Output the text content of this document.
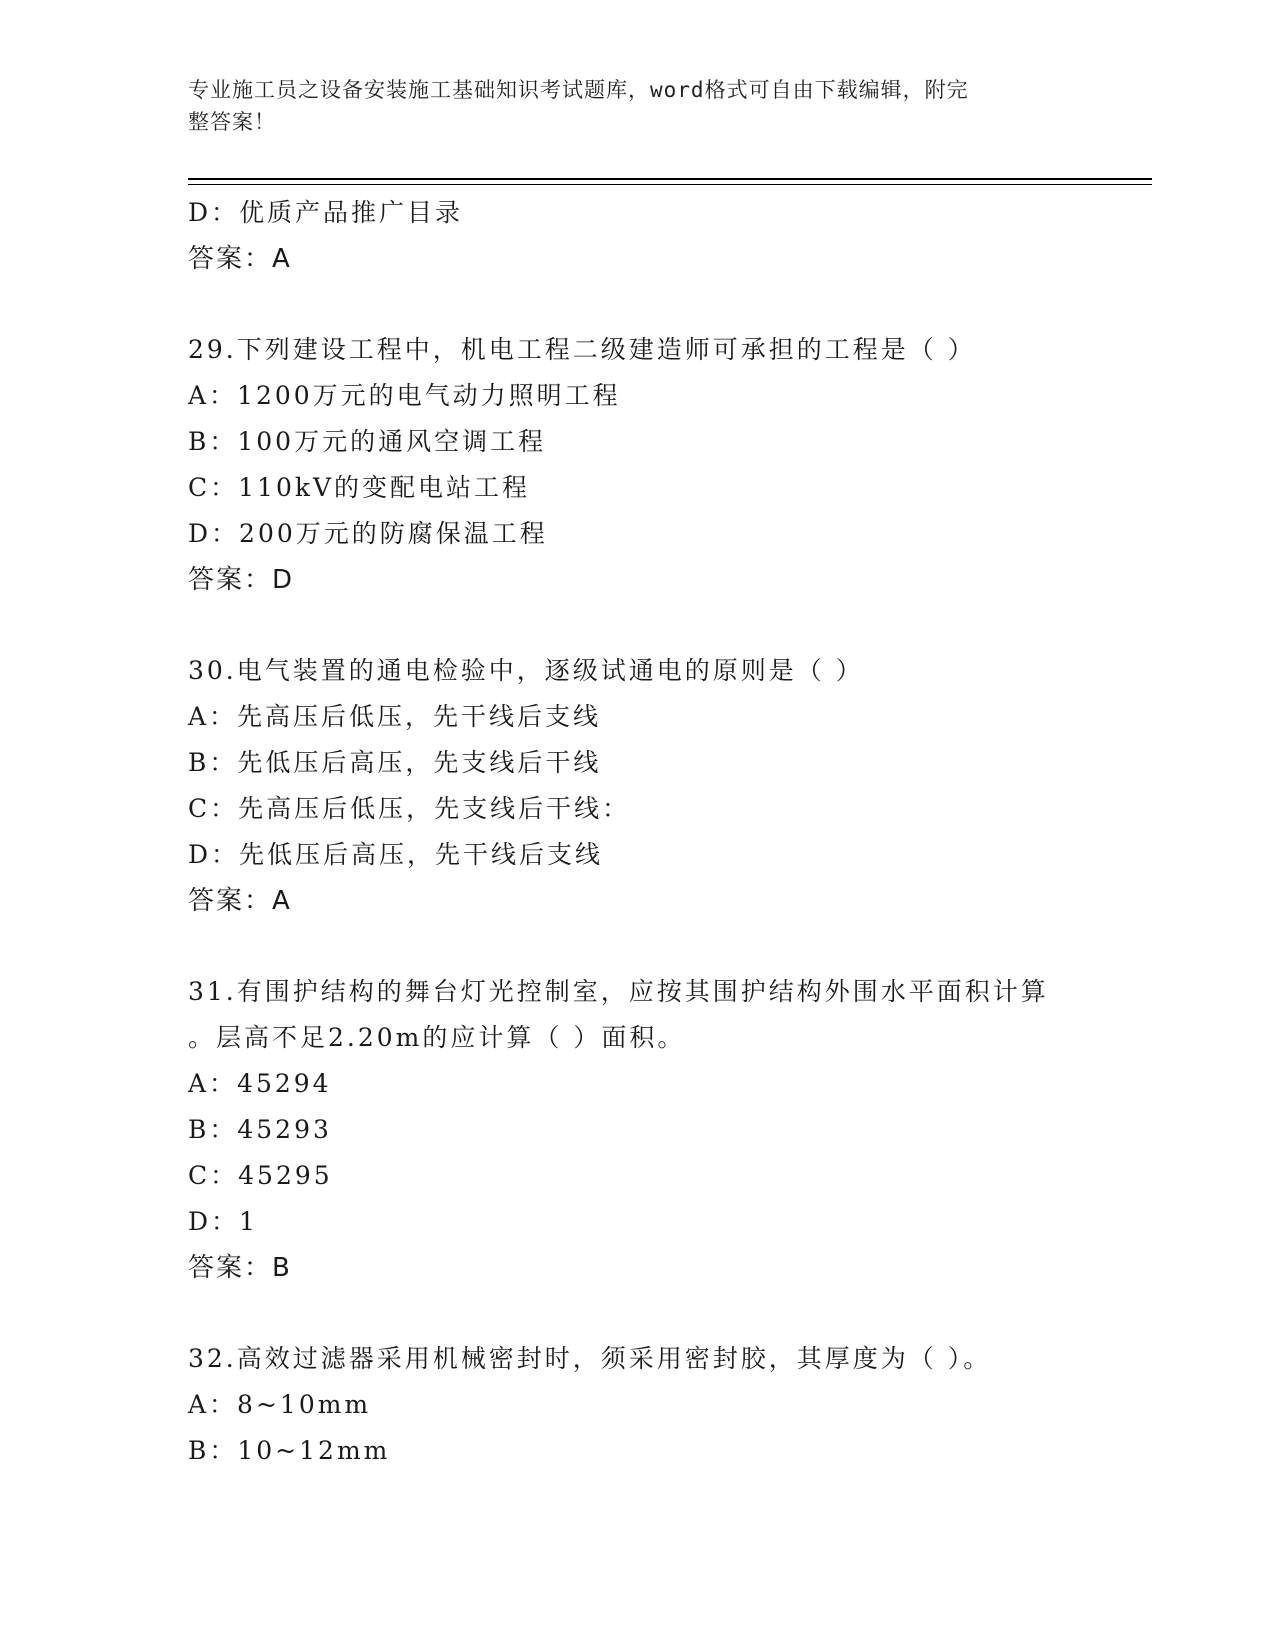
专业施工员之设备安装施工基础知识考试题库，word格式可自由下载编辑，附完
整答案！
D：优质产品推广目录
答案：A
29.下列建设工程中，机电工程二级建造师可承担的工程是（ ）
A：1200万元的电气动力照明工程
B：100万元的通风空调工程
C：110kV的变配电站工程
D：200万元的防腐保温工程
答案：D
30.电气装置的通电检验中，逐级试通电的原则是（ ）
A：先高压后低压，先干线后支线
B：先低压后高压，先支线后干线
C：先高压后低压，先支线后干线：
D：先低压后高压，先干线后支线
答案：A
31.有围护结构的舞台灯光控制室，应按其围护结构外围水平面积计算
。层高不足2.20m的应计算（ ）面积。
A：45294
B：45293
C：45295
D：1
答案：B
32.高效过滤器采用机械密封时，须采用密封胶，其厚度为（ ）。
A：8~10mm
B：10~12mm
